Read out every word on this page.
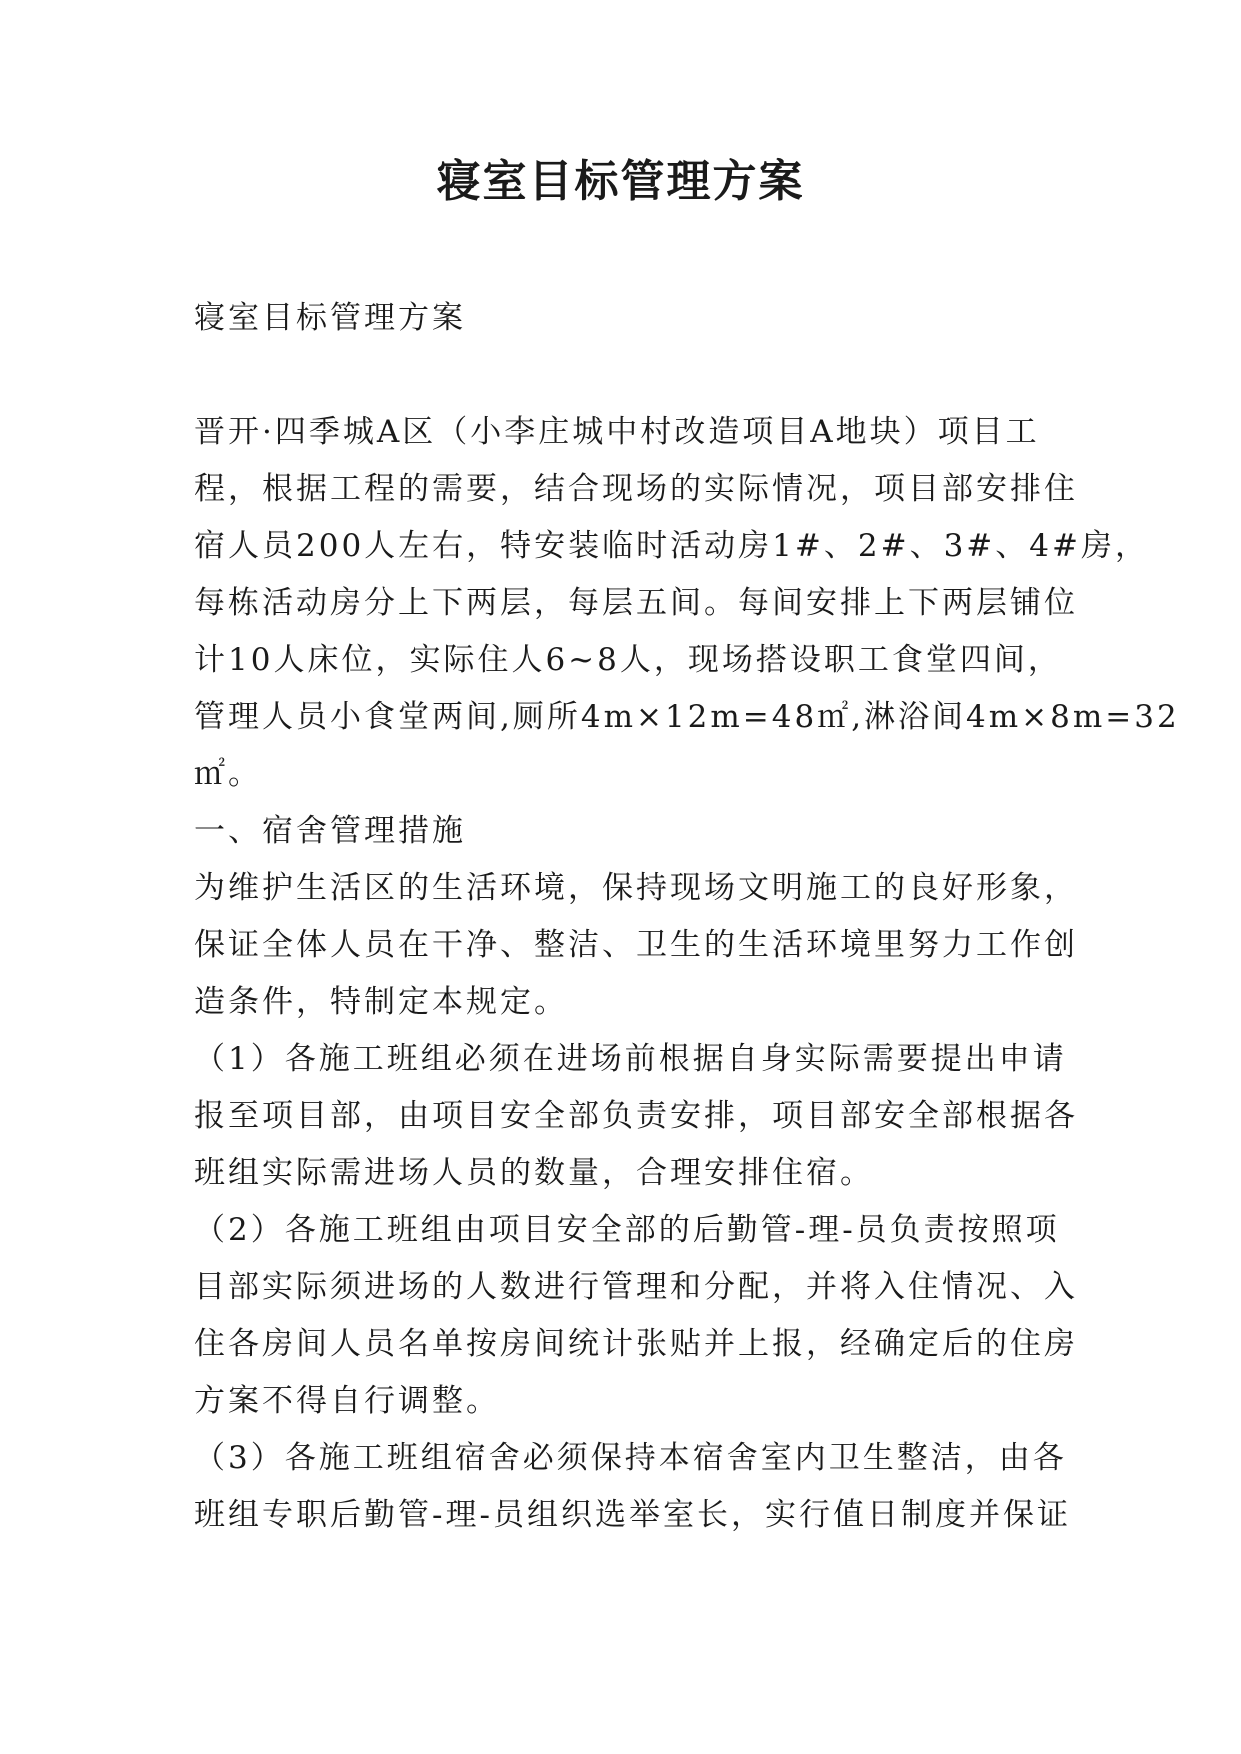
寝室目标管理方案

寝室目标管理方案

晋开·四季城A区（小李庄城中村改造项目A地块）项目工
程，根据工程的需要，结合现场的实际情况，项目部安排住
宿人员200人左右，特安装临时活动房1#、2#、3#、4#房，
每栋活动房分上下两层，每层五间。每间安排上下两层铺位
计10人床位，实际住人6~8人，现场搭设职工食堂四间，
管理人员小食堂两间,厕所4m×12m=48㎡,淋浴间4m×8m=32
㎡。

一、宿舍管理措施

为维护生活区的生活环境，保持现场文明施工的良好形象，
保证全体人员在干净、整洁、卫生的生活环境里努力工作创
造条件，特制定本规定。

（1）各施工班组必须在进场前根据自身实际需要提出申请
报至项目部，由项目安全部负责安排，项目部安全部根据各
班组实际需进场人员的数量，合理安排住宿。

（2）各施工班组由项目安全部的后勤管-理-员负责按照项
目部实际须进场的人数进行管理和分配，并将入住情况、入
住各房间人员名单按房间统计张贴并上报，经确定后的住房
方案不得自行调整。

（3）各施工班组宿舍必须保持本宿舍室内卫生整洁，由各
班组专职后勤管-理-员组织选举室长，实行值日制度并保证
